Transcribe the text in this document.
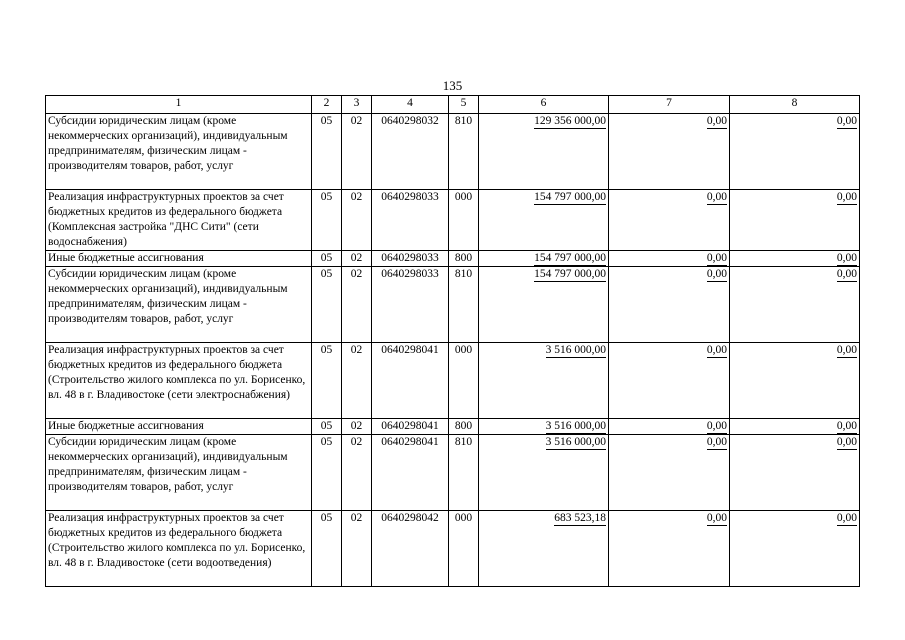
135
1	2	3	4	5	6	7	8
Субсидии юридическим лицам (кроме некоммерческих организаций), индивидуальным предпринимателям, физическим лицам - производителям товаров, работ, услуг	05	02	0640298032	810	129 356 000,00	0,00	0,00
Реализация инфраструктурных проектов за счет бюджетных кредитов из федерального бюджета (Комплексная застройка "ДНС Сити" (сети водоснабжения)	05	02	0640298033	000	154 797 000,00	0,00	0,00
Иные бюджетные ассигнования	05	02	0640298033	800	154 797 000,00	0,00	0,00
Субсидии юридическим лицам (кроме некоммерческих организаций), индивидуальным предпринимателям, физическим лицам - производителям товаров, работ, услуг	05	02	0640298033	810	154 797 000,00	0,00	0,00
Реализация инфраструктурных проектов за счет бюджетных кредитов из федерального бюджета (Строительство жилого комплекса по ул. Борисенко, вл. 48 в г. Владивостоке (сети электроснабжения)	05	02	0640298041	000	3 516 000,00	0,00	0,00
Иные бюджетные ассигнования	05	02	0640298041	800	3 516 000,00	0,00	0,00
Субсидии юридическим лицам (кроме некоммерческих организаций), индивидуальным предпринимателям, физическим лицам - производителям товаров, работ, услуг	05	02	0640298041	810	3 516 000,00	0,00	0,00
Реализация инфраструктурных проектов за счет бюджетных кредитов из федерального бюджета (Строительство жилого комплекса по ул. Борисенко, вл. 48 в г. Владивостоке (сети водоотведения)	05	02	0640298042	000	683 523,18	0,00	0,00
